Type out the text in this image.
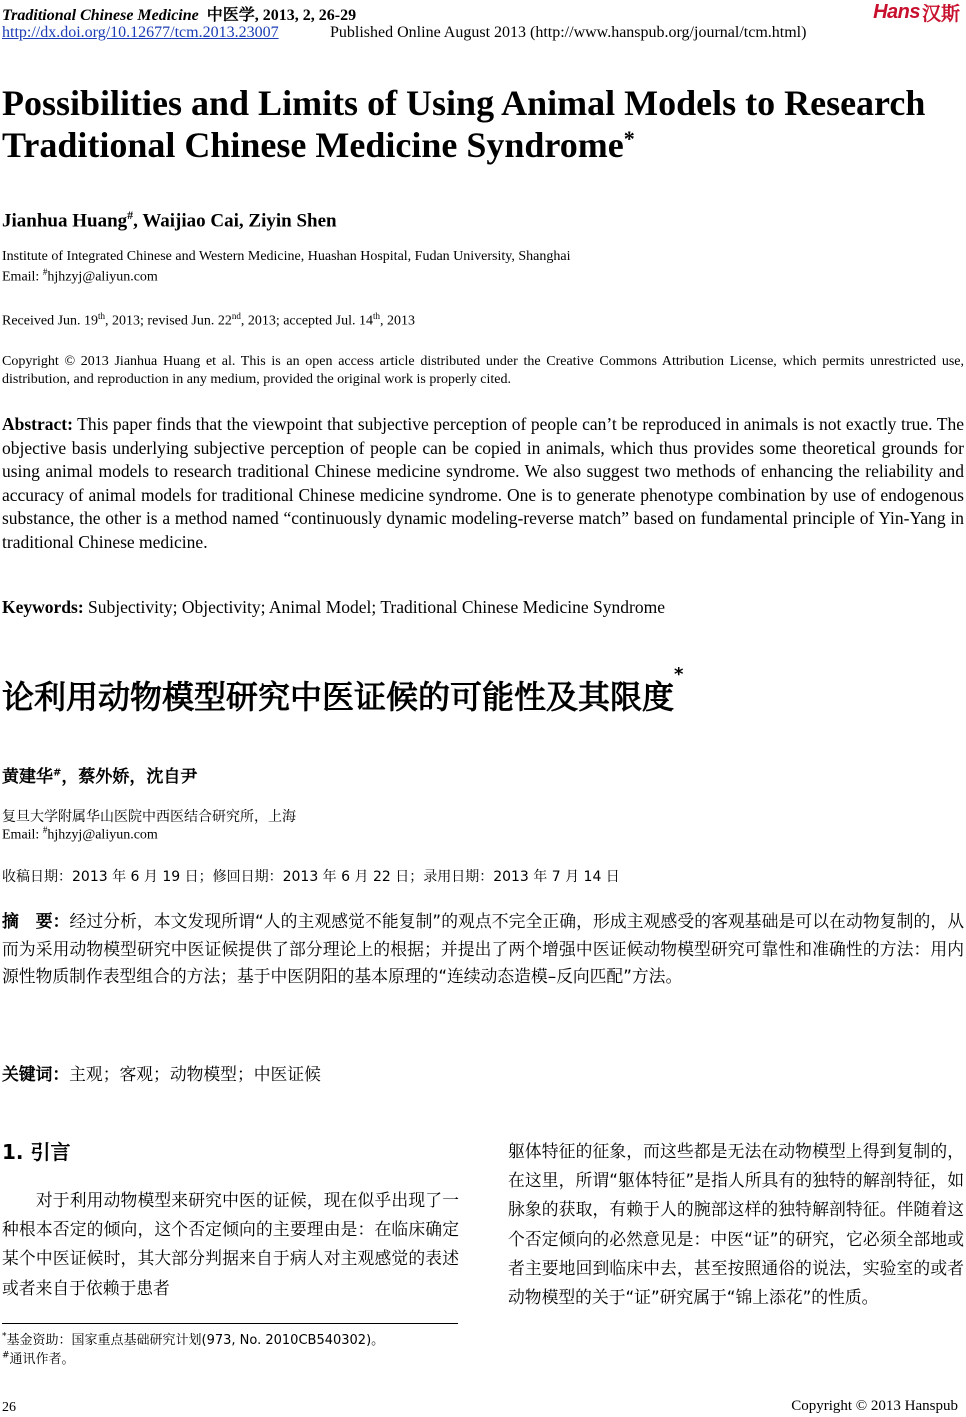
Traditional Chinese Medicine 中医学, 2013, 2, 26-29	Hans 汉斯
http://dx.doi.org/10.12677/tcm.2013.23007	Published Online August 2013 (http://www.hanspub.org/journal/tcm.html)
Possibilities and Limits of Using Animal Models to Research Traditional Chinese Medicine Syndrome*
Jianhua Huang#, Waijiao Cai, Ziyin Shen
Institute of Integrated Chinese and Western Medicine, Huashan Hospital, Fudan University, Shanghai
Email: #hjhzyj@aliyun.com
Received Jun. 19th, 2013; revised Jun. 22nd, 2013; accepted Jul. 14th, 2013

Copyright © 2013 Jianhua Huang et al. This is an open access article distributed under the Creative Commons Attribution License, which permits unrestricted use, distribution, and reproduction in any medium, provided the original work is properly cited.

Abstract: This paper finds that the viewpoint that subjective perception of people can’t be reproduced in animals is not exactly true. The objective basis underlying subjective perception of people can be copied in animals, which thus provides some theoretical grounds for using animal models to research traditional Chinese medicine syndrome. We also suggest two methods of enhancing the reliability and accuracy of animal models for traditional Chinese medicine syndrome. One is to generate phenotype combination by use of endogenous substance, the other is a method named “continuously dynamic modeling-reverse match” based on fundamental principle of Yin-Yang in traditional Chinese medicine.

Keywords: Subjectivity; Objectivity; Animal Model; Traditional Chinese Medicine Syndrome

论利用动物模型研究中医证候的可能性及其限度*
黄建华#，蔡外娇，沈自尹
复旦大学附属华山医院中西医结合研究所，上海
Email: #hjhzyj@aliyun.com
收稿日期：2013 年 6 月 19 日；修回日期：2013 年 6 月 22 日；录用日期：2013 年 7 月 14 日

摘　要：经过分析，本文发现所谓“人的主观感觉不能复制”的观点不完全正确，形成主观感受的客观基础是可以在动物复制的，从而为采用动物模型研究中医证候提供了部分理论上的根据；并提出了两个增强中医证候动物模型研究可靠性和准确性的方法：用内源性物质制作表型组合的方法；基于中医阴阳的基本原理的“连续动态造模–反向匹配”方法。

关键词：主观；客观；动物模型；中医证候

1. 引言

　　对于利用动物模型来研究中医的证候，现在似乎出现了一种根本否定的倾向，这个否定倾向的主要理由是：在临床确定某个中医证候时，其大部分判据来自于病人对主观感觉的表述或者来自于依赖于患者

躯体特征的征象，而这些都是无法在动物模型上得到复制的，在这里，所谓“躯体特征”是指人所具有的独特的解剖特征，如脉象的获取，有赖于人的腕部这样的独特解剖特征。伴随着这个否定倾向的必然意见是：中医“证”的研究，它必须全部地或者主要地回到临床中去，甚至按照通俗的说法，实验室的或者动物模型的关于“证”研究属于“锦上添花”的性质。

*基金资助：国家重点基础研究计划(973, No. 2010CB540302)。
#通讯作者。
26	Copyright © 2013 Hanspub
